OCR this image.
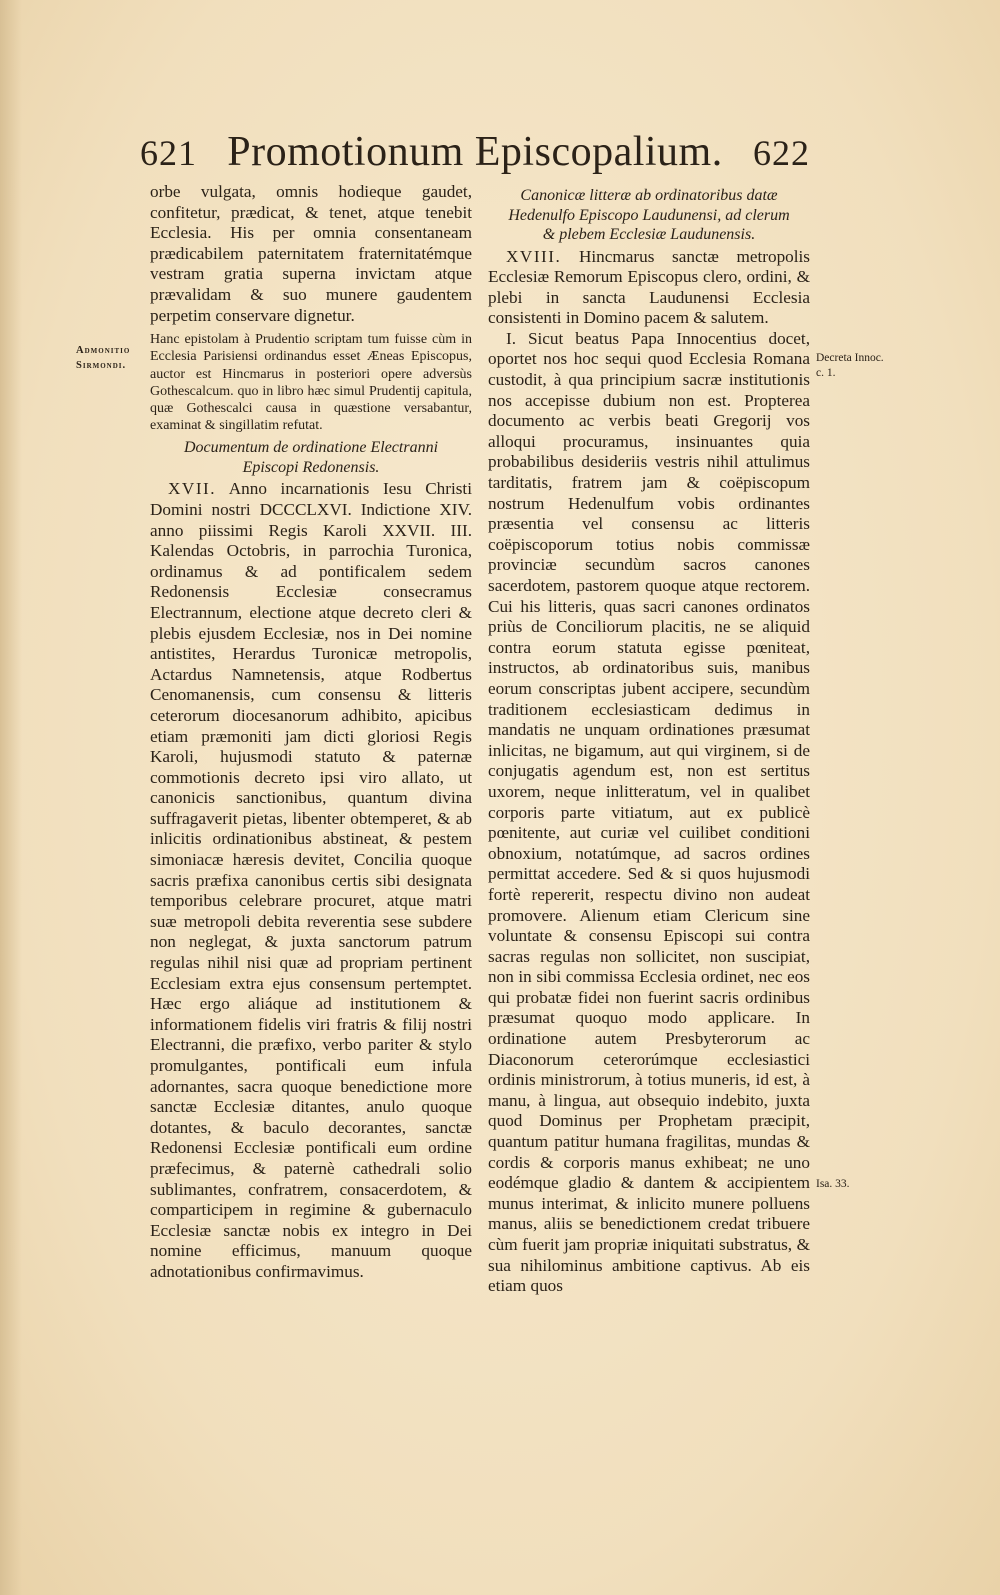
621 Promotionum Episcopalium. 622

orbe vulgata, omnis hodieque gaudet, confitetur, prædicat, & tenet, atque tenebit Ecclesia. His per omnia consentaneam prædicabilem paternitatem fraternitatémque vestram gratia superna invictam atque prævalidam & suo munere gaudentem perpetim conservare dignetur.

Hanc epistolam à Prudentio scriptam tum fuisse cùm in Ecclesia Parisiensi ordinandus esset Æneas Episcopus, auctor est Hincmarus in posteriori opere adversùs Gothescalcum. quo in libro hæc simul Prudentij capitula, quæ Gothescalci causa in quæstione versabantur, examinat & singillatim refutat.

Documentum de ordinatione Electranni
Episcopi Redonensis.

XVII. Anno incarnationis Iesu Christi Domini nostri DCCCLXVI. Indictione XIV. anno piissimi Regis Karoli XXVII. III. Kalendas Octobris, in parrochia Turonica, ordinamus & ad pontificalem sedem Redonensis Ecclesiæ consecramus Electrannum, electione atque decreto cleri & plebis ejusdem Ecclesiæ, nos in Dei nomine antistites, Herardus Turonicæ metropolis, Actardus Namnetensis, atque Rodbertus Cenomanensis, cum consensu & litteris ceterorum diocesanorum adhibito, apicibus etiam præmoniti jam dicti gloriosi Regis Karoli, hujusmodi statuto & paternæ commotionis decreto ipsi viro allato, ut canonicis sanctionibus, quantum divina suffragaverit pietas, libenter obtemperet, & ab inlicitis ordinationibus abstineat, & pestem simoniacæ hæresis devitet, Concilia quoque sacris præfixa canonibus certis sibi designata temporibus celebrare procuret, atque matri suæ metropoli debita reverentia sese subdere non neglegat, & juxta sanctorum patrum regulas nihil nisi quæ ad propriam pertinent Ecclesiam extra ejus consensum pertemptet. Hæc ergo aliáque ad institutionem & informationem fidelis viri fratris & filij nostri Electranni, die præfixo, verbo pariter & stylo promulgantes, pontificali eum infula adornantes, sacra quoque benedictione more sanctæ Ecclesiæ ditantes, anulo quoque dotantes, & baculo decorantes, sanctæ Redonensi Ecclesiæ pontificali eum ordine præfecimus, & paternè cathedrali solio sublimantes, confratrem, consacerdotem, & comparticipem in regimine & gubernaculo Ecclesiæ sanctæ nobis ex integro in Dei nomine efficimus, manuum quoque adnotationibus confirmavimus.

Canonicæ litteræ ab ordinatoribus datæ Hedenulfo Episcopo Laudunensi, ad clerum
& plebem Ecclesiæ Laudunensis.

XVIII. Hincmarus sanctæ metropolis Ecclesiæ Remorum Episcopus clero, ordini, & plebi in sancta Laudunensi Ecclesia consistenti in Domino pacem & salutem.

I. Sicut beatus Papa Innocentius docet, oportet nos hoc sequi quod Ecclesia Romana custodit, à qua principium sacræ institutionis nos accepisse dubium non est. Propterea documento ac verbis beati Gregorij vos alloqui procuramus, insinuantes quia probabilibus desideriis vestris nihil attulimus tarditatis, fratrem jam & coëpiscopum nostrum Hedenulfum vobis ordinantes præsentia vel consensu ac litteris coëpiscoporum totius nobis commissæ provinciæ secundùm sacros canones sacerdotem, pastorem quoque atque rectorem. Cui his litteris, quas sacri canones ordinatos priùs de Conciliorum placitis, ne se aliquid contra eorum statuta egisse pœniteat, instructos, ab ordinatoribus suis, manibus eorum conscriptas jubent accipere, secundùm traditionem ecclesiasticam dedimus in mandatis ne unquam ordinationes præsumat inlicitas, ne bigamum, aut qui virginem, si de conjugatis agendum est, non est sertitus uxorem, neque inlitteratum, vel in qualibet corporis parte vitiatum, aut ex publicè pœnitente, aut curiæ vel cuilibet conditioni obnoxium, notatúmque, ad sacros ordines permittat accedere. Sed & si quos hujusmodi fortè repererit, respectu divino non audeat promovere. Alienum etiam Clericum sine voluntate & consensu Episcopi sui contra sacras regulas non sollicitet, non suscipiat, non in sibi commissa Ecclesia ordinet, nec eos qui probatæ fidei non fuerint sacris ordinibus præsumat quoquo modo applicare. In ordinatione autem Presbyterorum ac Diaconorum ceterorúmque ecclesiastici ordinis ministrorum, à totius muneris, id est, à manu, à lingua, aut obsequio indebito, juxta quod Dominus per Prophetam præcipit, quantum patitur humana fragilitas, mundas & cordis & corporis manus exhibeat; ne uno eodémque gladio & dantem & accipientem munus interimat, & inlicito munere polluens manus, aliis se benedictionem credat tribuere cùm fuerit jam propriæ iniquitati substratus, & sua nihilominus ambitione captivus. Ab eis etiam quos

Admonitio Sirmondi.
Decreta Innoc. c. 1.
Isa. 33.
